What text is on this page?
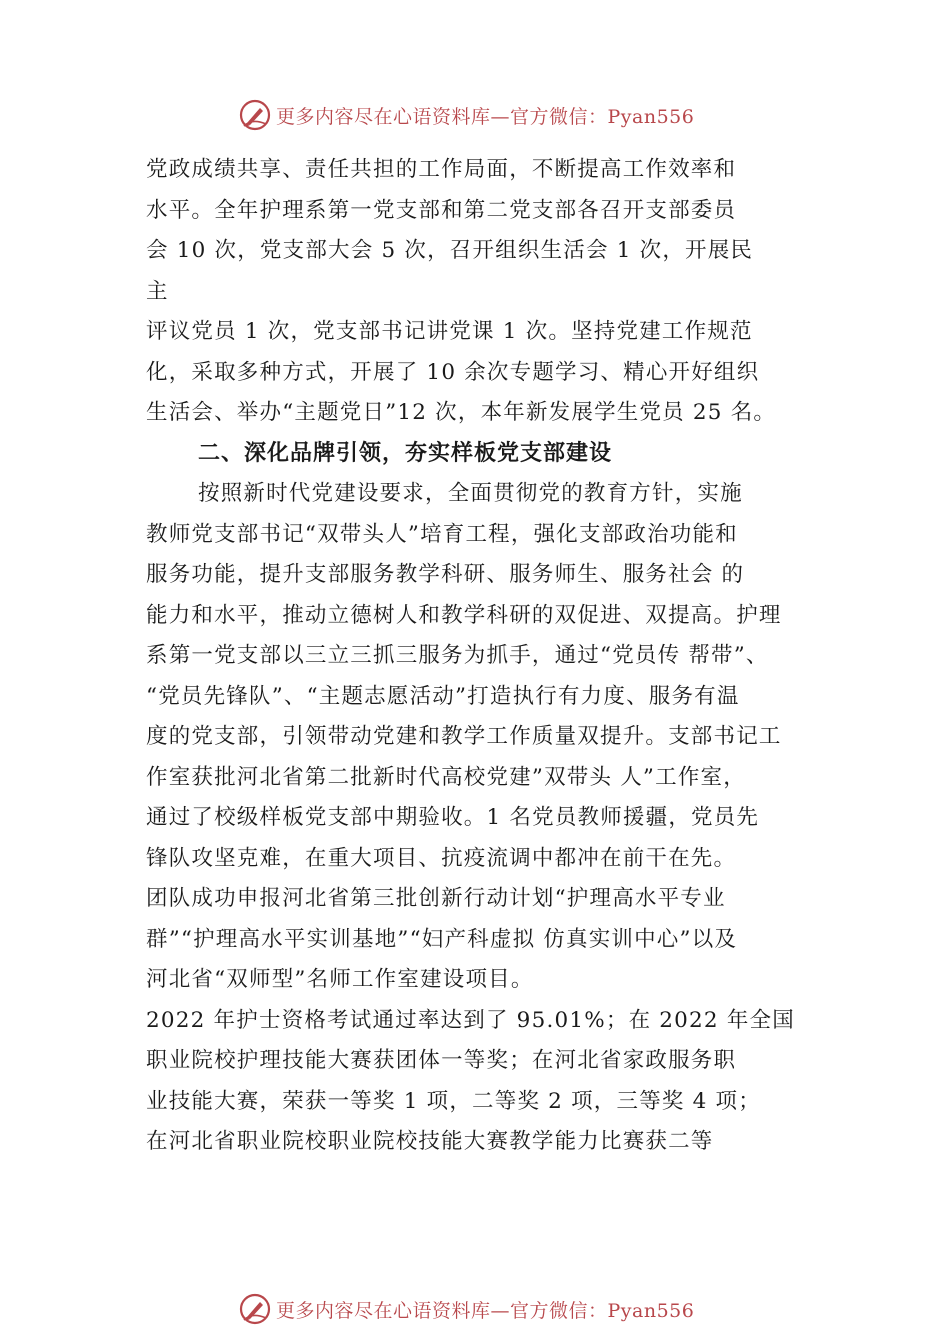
更多内容尽在心语资料库—官方微信：Pyan556
党政成绩共享、责任共担的工作局面，不断提高工作效率和
水平。全年护理系第一党支部和第二党支部各召开支部委员
会 10 次，党支部大会 5 次，召开组织生活会 1 次，开展民
主
评议党员 1 次，党支部书记讲党课 1 次。坚持党建工作规范
化，采取多种方式，开展了 10 余次专题学习、精心开好组织
生活会、举办“主题党日”12 次，本年新发展学生党员 25 名。
二、深化品牌引领，夯实样板党支部建设
按照新时代党建设要求，全面贯彻党的教育方针，实施
教师党支部书记“双带头人”培育工程，强化支部政治功能和
服务功能，提升支部服务教学科研、服务师生、服务社会 的
能力和水平，推动立德树人和教学科研的双促进、双提高。护理
系第一党支部以三立三抓三服务为抓手，通过“党员传 帮带”、
“党员先锋队”、“主题志愿活动”打造执行有力度、服务有温
度的党支部，引领带动党建和教学工作质量双提升。支部书记工
作室获批河北省第二批新时代高校党建”双带头 人”工作室，
通过了校级样板党支部中期验收。1 名党员教师援疆，党员先
锋队攻坚克难，在重大项目、抗疫流调中都冲在前干在先。
团队成功申报河北省第三批创新行动计划“护理高水平专业
群”“护理高水平实训基地”“妇产科虚拟 仿真实训中心”以及
河北省“双师型”名师工作室建设项目。
2022 年护士资格考试通过率达到了 95.01%；在 2022 年全国
职业院校护理技能大赛获团体一等奖；在河北省家政服务职
业技能大赛，荣获一等奖 1 项，二等奖 2 项，三等奖 4 项；
在河北省职业院校职业院校技能大赛教学能力比赛获二等
更多内容尽在心语资料库—官方微信：Pyan556
